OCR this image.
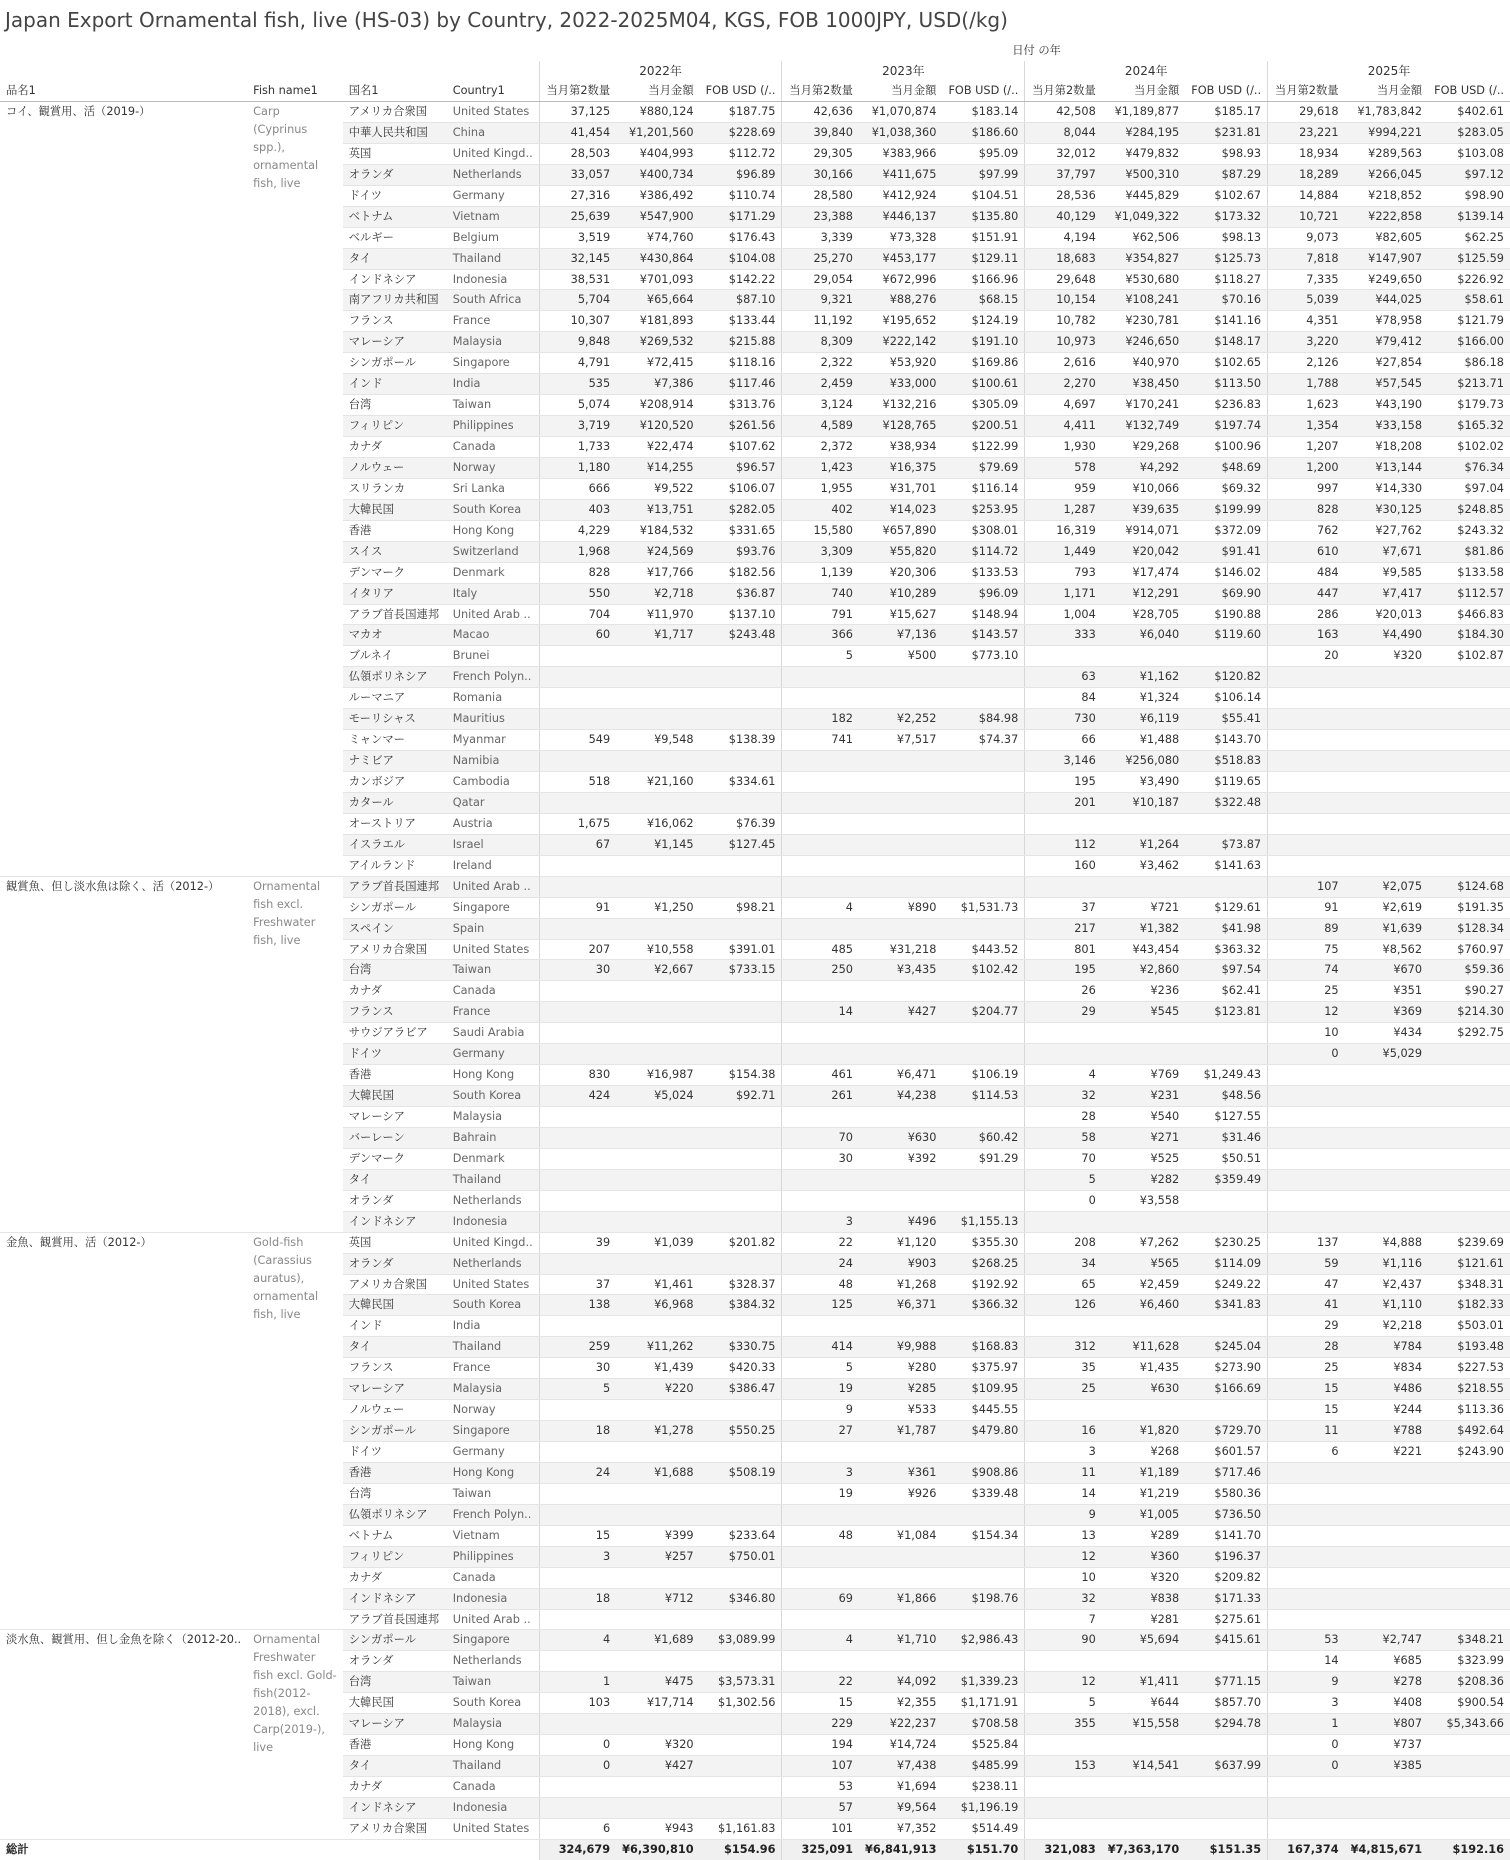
Japan Export Ornamental fish, live (HS-03) by Country, 2022-2025M04, KGS, FOB 1000JPY, USD(/kg)
				日付 の年											
				2022年			2023年			2024年			2025年		
品名1	Fish name1	国名1	Country1	当月第2数量	当月金額	FOB USD (/..	当月第2数量	当月金額	FOB USD (/..	当月第2数量	当月金額	FOB USD (/..	当月第2数量	当月金額	FOB USD (/..
コイ、観賞用、活（2019-）	Carp (Cyprinus spp.), ornamental fish, live	アメリカ合衆国	United States	37,125	¥880,124	$187.75	42,636	¥1,070,874	$183.14	42,508	¥1,189,877	$185.17	29,618	¥1,783,842	$402.61
		中華人民共和国	China	41,454	¥1,201,560	$228.69	39,840	¥1,038,360	$186.60	8,044	¥284,195	$231.81	23,221	¥994,221	$283.05
		英国	United Kingd..	28,503	¥404,993	$112.72	29,305	¥383,966	$95.09	32,012	¥479,832	$98.93	18,934	¥289,563	$103.08
		オランダ	Netherlands	33,057	¥400,734	$96.89	30,166	¥411,675	$97.99	37,797	¥500,310	$87.29	18,289	¥266,045	$97.12
		ドイツ	Germany	27,316	¥386,492	$110.74	28,580	¥412,924	$104.51	28,536	¥445,829	$102.67	14,884	¥218,852	$98.90
		ベトナム	Vietnam	25,639	¥547,900	$171.29	23,388	¥446,137	$135.80	40,129	¥1,049,322	$173.32	10,721	¥222,858	$139.14
		ベルギー	Belgium	3,519	¥74,760	$176.43	3,339	¥73,328	$151.91	4,194	¥62,506	$98.13	9,073	¥82,605	$62.25
		タイ	Thailand	32,145	¥430,864	$104.08	25,270	¥453,177	$129.11	18,683	¥354,827	$125.73	7,818	¥147,907	$125.59
		インドネシア	Indonesia	38,531	¥701,093	$142.22	29,054	¥672,996	$166.96	29,648	¥530,680	$118.27	7,335	¥249,650	$226.92
		南アフリカ共和国	South Africa	5,704	¥65,664	$87.10	9,321	¥88,276	$68.15	10,154	¥108,241	$70.16	5,039	¥44,025	$58.61
		フランス	France	10,307	¥181,893	$133.44	11,192	¥195,652	$124.19	10,782	¥230,781	$141.16	4,351	¥78,958	$121.79
		マレーシア	Malaysia	9,848	¥269,532	$215.88	8,309	¥222,142	$191.10	10,973	¥246,650	$148.17	3,220	¥79,412	$166.00
		シンガポール	Singapore	4,791	¥72,415	$118.16	2,322	¥53,920	$169.86	2,616	¥40,970	$102.65	2,126	¥27,854	$86.18
		インド	India	535	¥7,386	$117.46	2,459	¥33,000	$100.61	2,270	¥38,450	$113.50	1,788	¥57,545	$213.71
		台湾	Taiwan	5,074	¥208,914	$313.76	3,124	¥132,216	$305.09	4,697	¥170,241	$236.83	1,623	¥43,190	$179.73
		フィリピン	Philippines	3,719	¥120,520	$261.56	4,589	¥128,765	$200.51	4,411	¥132,749	$197.74	1,354	¥33,158	$165.32
		カナダ	Canada	1,733	¥22,474	$107.62	2,372	¥38,934	$122.99	1,930	¥29,268	$100.96	1,207	¥18,208	$102.02
		ノルウェー	Norway	1,180	¥14,255	$96.57	1,423	¥16,375	$79.69	578	¥4,292	$48.69	1,200	¥13,144	$76.34
		スリランカ	Sri Lanka	666	¥9,522	$106.07	1,955	¥31,701	$116.14	959	¥10,066	$69.32	997	¥14,330	$97.04
		大韓民国	South Korea	403	¥13,751	$282.05	402	¥14,023	$253.95	1,287	¥39,635	$199.99	828	¥30,125	$248.85
		香港	Hong Kong	4,229	¥184,532	$331.65	15,580	¥657,890	$308.01	16,319	¥914,071	$372.09	762	¥27,762	$243.32
		スイス	Switzerland	1,968	¥24,569	$93.76	3,309	¥55,820	$114.72	1,449	¥20,042	$91.41	610	¥7,671	$81.86
		デンマーク	Denmark	828	¥17,766	$182.56	1,139	¥20,306	$133.53	793	¥17,474	$146.02	484	¥9,585	$133.58
		イタリア	Italy	550	¥2,718	$36.87	740	¥10,289	$96.09	1,171	¥12,291	$69.90	447	¥7,417	$112.57
		アラブ首長国連邦	United Arab ..	704	¥11,970	$137.10	791	¥15,627	$148.94	1,004	¥28,705	$190.88	286	¥20,013	$466.83
		マカオ	Macao	60	¥1,717	$243.48	366	¥7,136	$143.57	333	¥6,040	$119.60	163	¥4,490	$184.30
		ブルネイ	Brunei				5	¥500	$773.10				20	¥320	$102.87
		仏領ポリネシア	French Polyn..							63	¥1,162	$120.82			
		ルーマニア	Romania							84	¥1,324	$106.14			
		モーリシャス	Mauritius				182	¥2,252	$84.98	730	¥6,119	$55.41			
		ミャンマー	Myanmar	549	¥9,548	$138.39	741	¥7,517	$74.37	66	¥1,488	$143.70			
		ナミビア	Namibia							3,146	¥256,080	$518.83			
		カンボジア	Cambodia	518	¥21,160	$334.61				195	¥3,490	$119.65			
		カタール	Qatar							201	¥10,187	$322.48			
		オーストリア	Austria	1,675	¥16,062	$76.39									
		イスラエル	Israel	67	¥1,145	$127.45				112	¥1,264	$73.87			
		アイルランド	Ireland							160	¥3,462	$141.63			
観賞魚、但し淡水魚は除く、活（2012-）	Ornamental fish excl. Freshwater fish, live	アラブ首長国連邦	United Arab ..										107	¥2,075	$124.68
		シンガポール	Singapore	91	¥1,250	$98.21	4	¥890	$1,531.73	37	¥721	$129.61	91	¥2,619	$191.35
		スペイン	Spain							217	¥1,382	$41.98	89	¥1,639	$128.34
		アメリカ合衆国	United States	207	¥10,558	$391.01	485	¥31,218	$443.52	801	¥43,454	$363.32	75	¥8,562	$760.97
		台湾	Taiwan	30	¥2,667	$733.15	250	¥3,435	$102.42	195	¥2,860	$97.54	74	¥670	$59.36
		カナダ	Canada							26	¥236	$62.41	25	¥351	$90.27
		フランス	France				14	¥427	$204.77	29	¥545	$123.81	12	¥369	$214.30
		サウジアラビア	Saudi Arabia										10	¥434	$292.75
		ドイツ	Germany										0	¥5,029	
		香港	Hong Kong	830	¥16,987	$154.38	461	¥6,471	$106.19	4	¥769	$1,249.43			
		大韓民国	South Korea	424	¥5,024	$92.71	261	¥4,238	$114.53	32	¥231	$48.56			
		マレーシア	Malaysia							28	¥540	$127.55			
		バーレーン	Bahrain				70	¥630	$60.42	58	¥271	$31.46			
		デンマーク	Denmark				30	¥392	$91.29	70	¥525	$50.51			
		タイ	Thailand							5	¥282	$359.49			
		オランダ	Netherlands							0	¥3,558				
		インドネシア	Indonesia				3	¥496	$1,155.13						
金魚、観賞用、活（2012-）	Gold-fish (Carassius auratus), ornamental fish, live	英国	United Kingd..	39	¥1,039	$201.82	22	¥1,120	$355.30	208	¥7,262	$230.25	137	¥4,888	$239.69
		オランダ	Netherlands				24	¥903	$268.25	34	¥565	$114.09	59	¥1,116	$121.61
		アメリカ合衆国	United States	37	¥1,461	$328.37	48	¥1,268	$192.92	65	¥2,459	$249.22	47	¥2,437	$348.31
		大韓民国	South Korea	138	¥6,968	$384.32	125	¥6,371	$366.32	126	¥6,460	$341.83	41	¥1,110	$182.33
		インド	India										29	¥2,218	$503.01
		タイ	Thailand	259	¥11,262	$330.75	414	¥9,988	$168.83	312	¥11,628	$245.04	28	¥784	$193.48
		フランス	France	30	¥1,439	$420.33	5	¥280	$375.97	35	¥1,435	$273.90	25	¥834	$227.53
		マレーシア	Malaysia	5	¥220	$386.47	19	¥285	$109.95	25	¥630	$166.69	15	¥486	$218.55
		ノルウェー	Norway				9	¥533	$445.55				15	¥244	$113.36
		シンガポール	Singapore	18	¥1,278	$550.25	27	¥1,787	$479.80	16	¥1,820	$729.70	11	¥788	$492.64
		ドイツ	Germany							3	¥268	$601.57	6	¥221	$243.90
		香港	Hong Kong	24	¥1,688	$508.19	3	¥361	$908.86	11	¥1,189	$717.46			
		台湾	Taiwan				19	¥926	$339.48	14	¥1,219	$580.36			
		仏領ポリネシア	French Polyn..							9	¥1,005	$736.50			
		ベトナム	Vietnam	15	¥399	$233.64	48	¥1,084	$154.34	13	¥289	$141.70			
		フィリピン	Philippines	3	¥257	$750.01				12	¥360	$196.37			
		カナダ	Canada							10	¥320	$209.82			
		インドネシア	Indonesia	18	¥712	$346.80	69	¥1,866	$198.76	32	¥838	$171.33			
		アラブ首長国連邦	United Arab ..							7	¥281	$275.61			
淡水魚、観賞用、但し金魚を除く（2012-20..	Ornamental Freshwater fish excl. Gold-fish(2012-2018), excl. Carp(2019-), live	シンガポール	Singapore	4	¥1,689	$3,089.99	4	¥1,710	$2,986.43	90	¥5,694	$415.61	53	¥2,747	$348.21
		オランダ	Netherlands										14	¥685	$323.99
		台湾	Taiwan	1	¥475	$3,573.31	22	¥4,092	$1,339.23	12	¥1,411	$771.15	9	¥278	$208.36
		大韓民国	South Korea	103	¥17,714	$1,302.56	15	¥2,355	$1,171.91	5	¥644	$857.70	3	¥408	$900.54
		マレーシア	Malaysia				229	¥22,237	$708.58	355	¥15,558	$294.78	1	¥807	$5,343.66
		香港	Hong Kong	0	¥320		194	¥14,724	$525.84				0	¥737	
		タイ	Thailand	0	¥427		107	¥7,438	$485.99	153	¥14,541	$637.99	0	¥385	
		カナダ	Canada				53	¥1,694	$238.11						
		インドネシア	Indonesia				57	¥9,564	$1,196.19						
		アメリカ合衆国	United States	6	¥943	$1,161.83	101	¥7,352	$514.49						
総計				324,679	¥6,390,810	$154.96	325,091	¥6,841,913	$151.70	321,083	¥7,363,170	$151.35	167,374	¥4,815,671	$192.16
